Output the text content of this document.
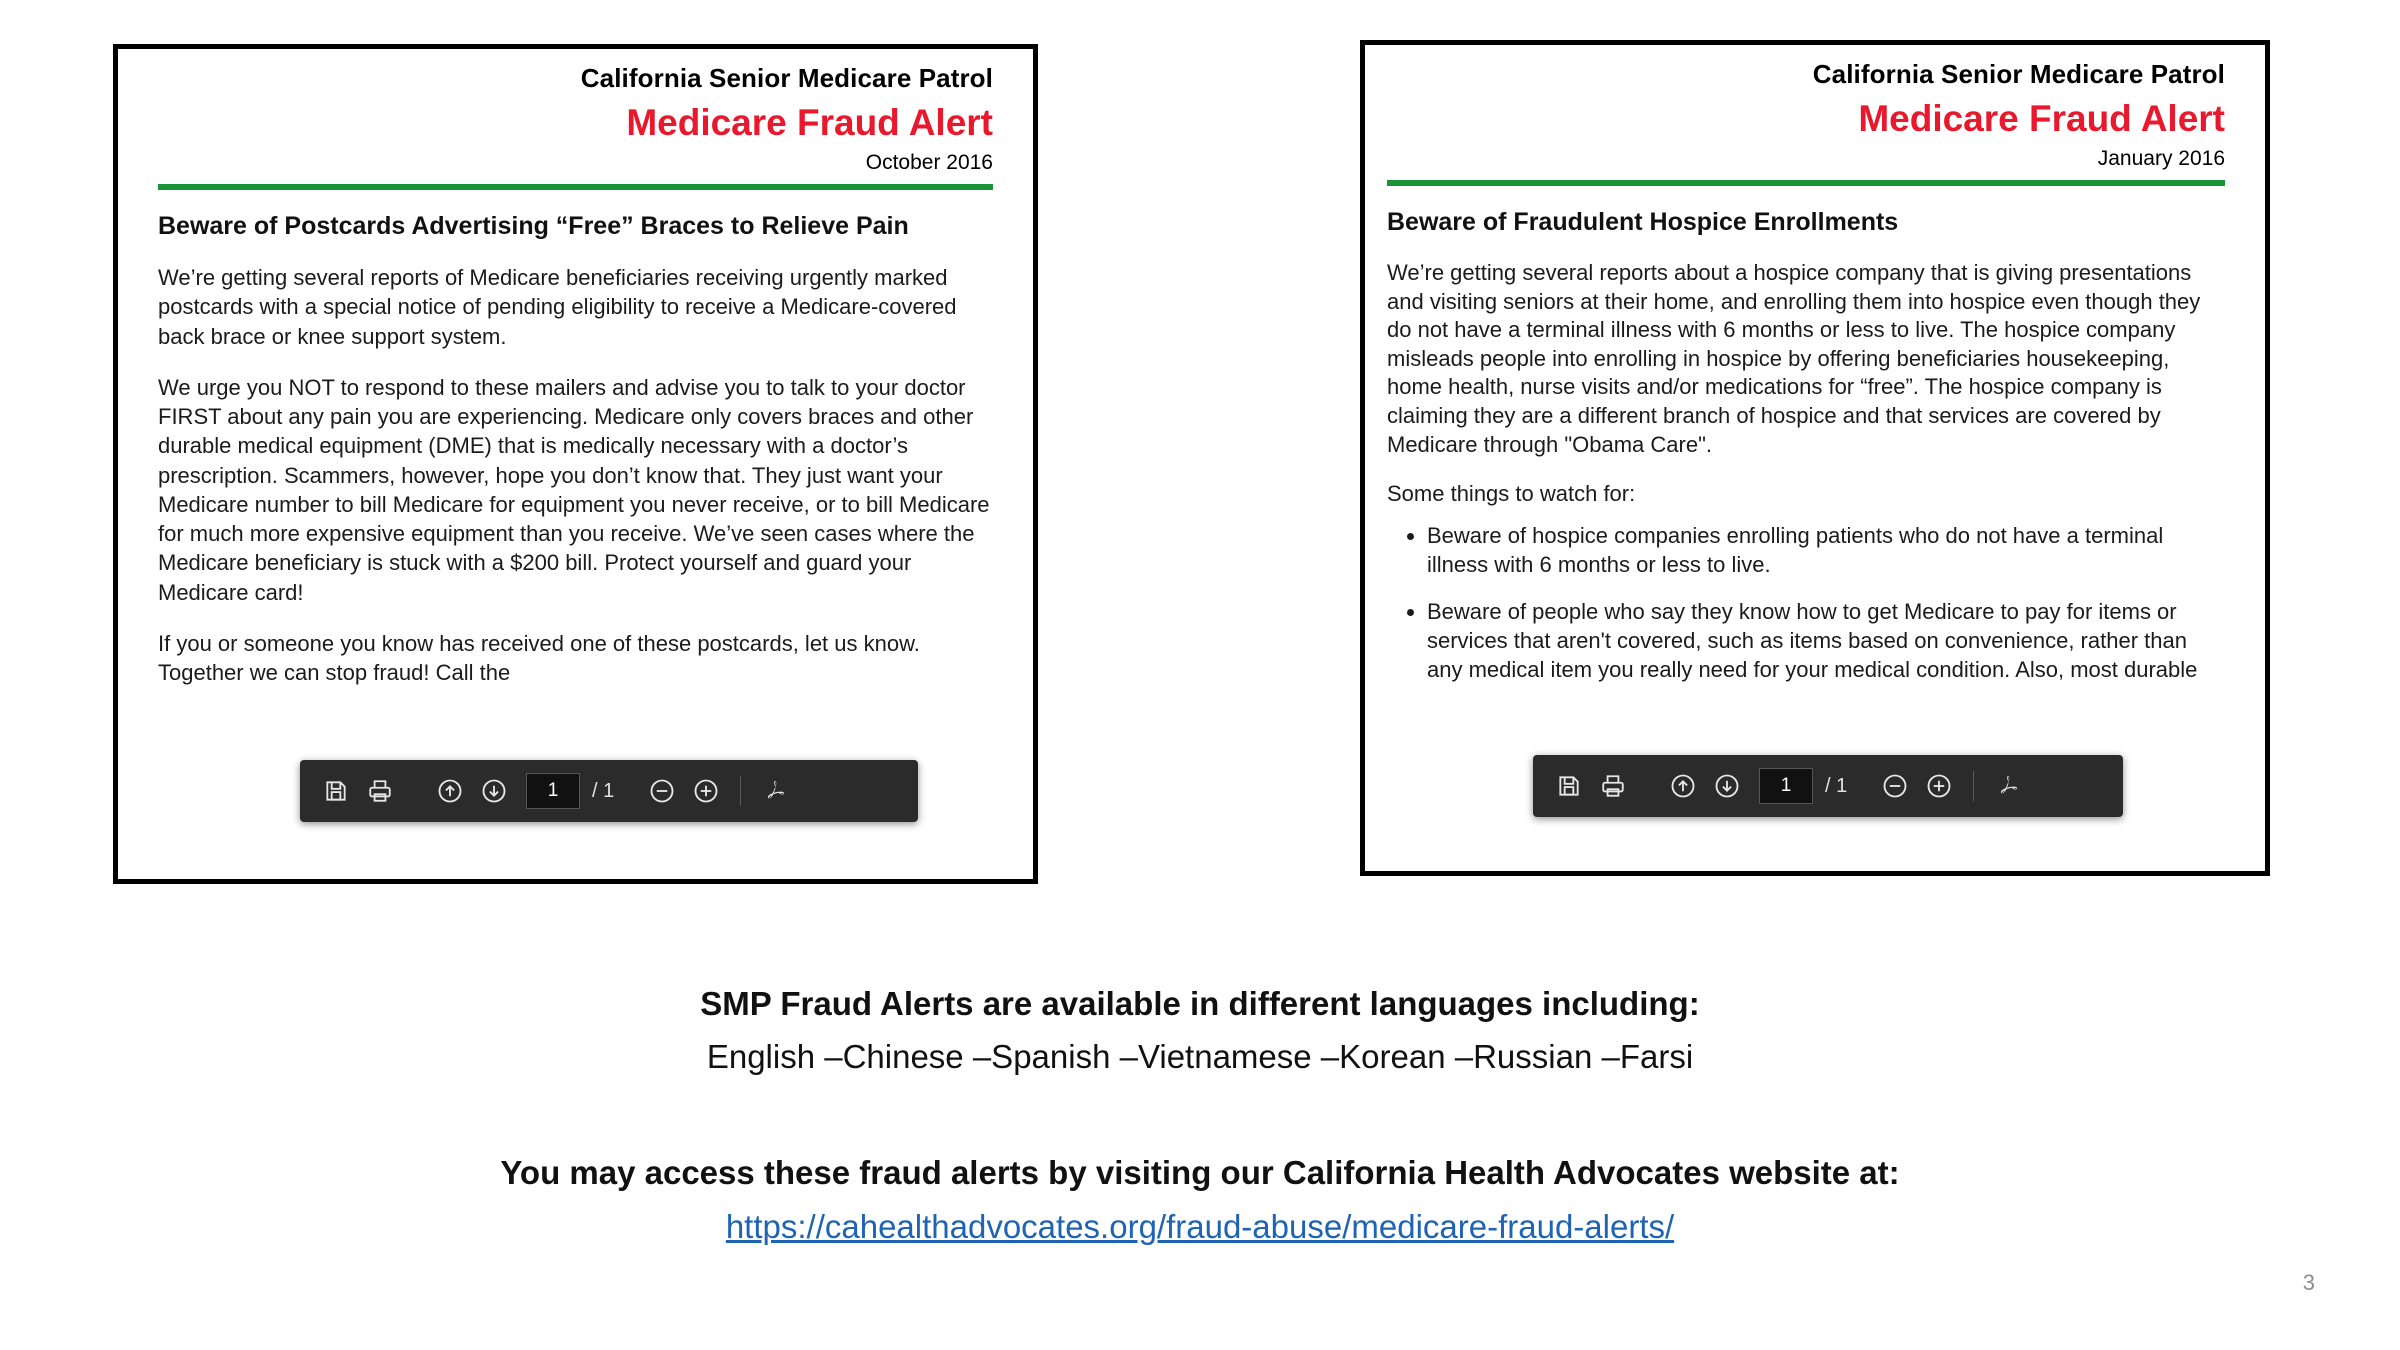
California Senior Medicare Patrol
Medicare Fraud Alert
October 2016
Beware of Postcards Advertising “Free” Braces to Relieve Pain

We’re getting several reports of Medicare beneficiaries receiving urgently marked postcards with a special notice of pending eligibility to receive a Medicare-covered back brace or knee support system.

We urge you NOT to respond to these mailers and advise you to talk to your doctor FIRST about any pain you are experiencing. Medicare only covers braces and other durable medical equipment (DME) that is medically necessary with a doctor’s prescription. Scammers, however, hope you don’t know that. They just want your Medicare number to bill Medicare for equipment you never receive, or to bill Medicare for much more expensive equipment than you receive. We’ve seen cases where the Medicare beneficiary is stuck with a $200 bill. Protect yourself and guard your Medicare card!

If you or someone you know has received one of these postcards, let us know. Together we can stop fraud! Call the

California Senior Medicare Patrol
Medicare Fraud Alert
January 2016
Beware of Fraudulent Hospice Enrollments

We’re getting several reports about a hospice company that is giving presentations and visiting seniors at their home, and enrolling them into hospice even though they do not have a terminal illness with 6 months or less to live. The hospice company misleads people into enrolling in hospice by offering beneficiaries housekeeping, home health, nurse visits and/or medications for “free”. The hospice company is claiming they are a different branch of hospice and that services are covered by Medicare through "Obama Care".

Some things to watch for:
• Beware of hospice companies enrolling patients who do not have a terminal illness with 6 months or less to live.
• Beware of people who say they know how to get Medicare to pay for items or services that aren't covered, such as items based on convenience, rather than any medical item you really need for your medical condition. Also, most durable
1	/ 1	1	/ 1
SMP Fraud Alerts are available in different languages including:
English –Chinese –Spanish –Vietnamese –Korean –Russian –Farsi
You may access these fraud alerts by visiting our California Health Advocates website at:
https://cahealthadvocates.org/fraud-abuse/medicare-fraud-alerts/
3
